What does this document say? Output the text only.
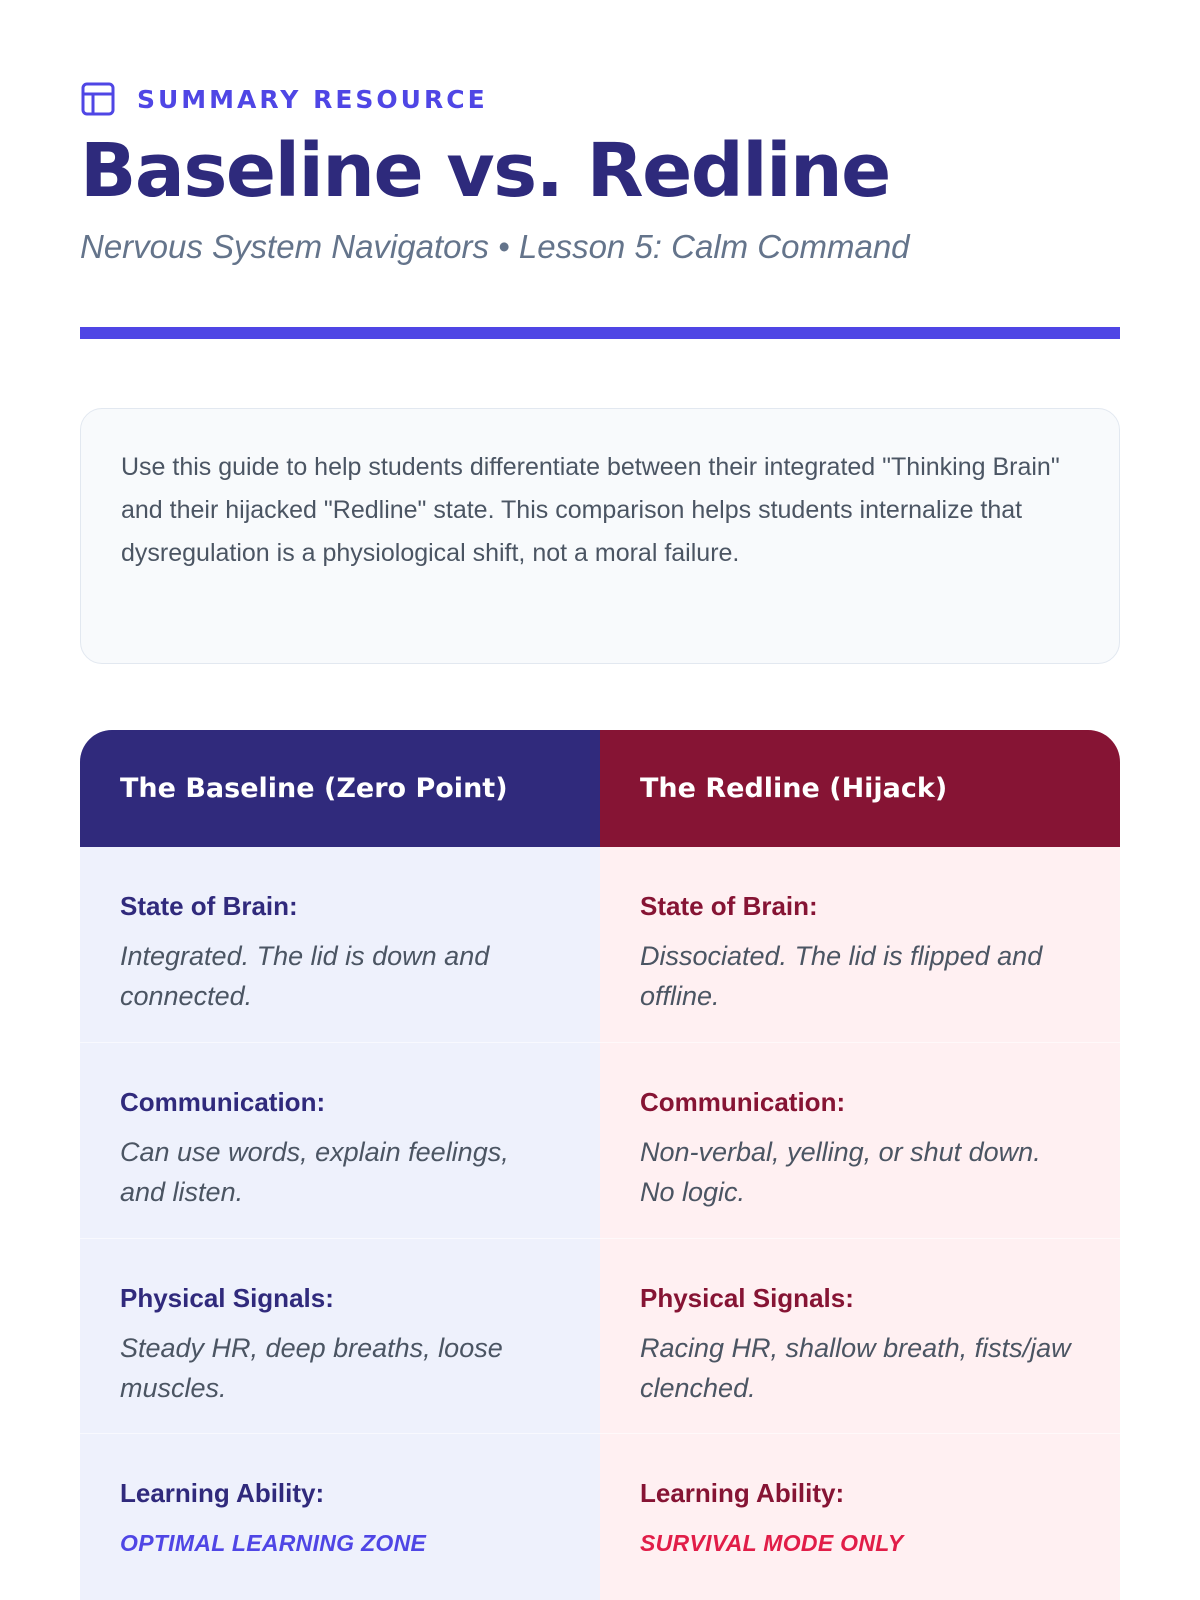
SUMMARY RESOURCE
Baseline vs. Redline
Nervous System Navigators • Lesson 5: Calm Command

Use this guide to help students differentiate between their integrated "Thinking Brain" and their hijacked "Redline" state. This comparison helps students internalize that dysregulation is a physiological shift, not a moral failure.

The Baseline (Zero Point)
State of Brain:
Integrated. The lid is down and connected.
Communication:
Can use words, explain feelings, and listen.
Physical Signals:
Steady HR, deep breaths, loose muscles.
Learning Ability:
OPTIMAL LEARNING ZONE
The Redline (Hijack)
State of Brain:
Dissociated. The lid is flipped and offline.
Communication:
Non-verbal, yelling, or shut down. No logic.
Physical Signals:
Racing HR, shallow breath, fists/jaw clenched.
Learning Ability:
SURVIVAL MODE ONLY
